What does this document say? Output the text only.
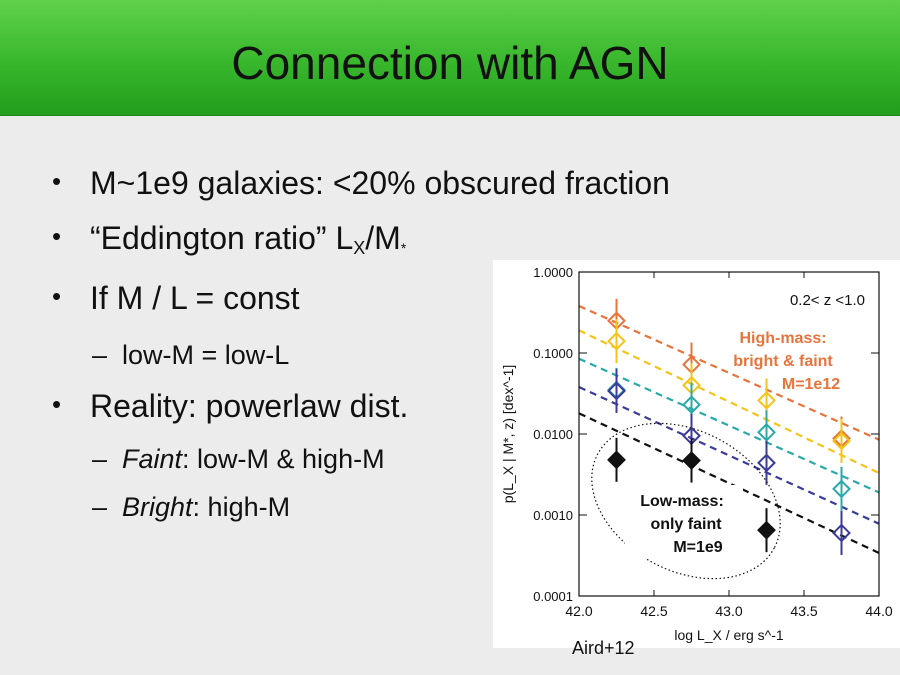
Connection with AGN
• M~1e9 galaxies: <20% obscured fraction
• “Eddington ratio” $L_X/M_*$
• If M / L = const
– low-M = low-L
• Reality: powerlaw dist.
– Faint: low-M & high-M
– Bright: high-M
42.0	42.5	43.0	43.5	44.0
1.0000
0.1000
0.0100
0.0010
0.0001
0.2< z <1.0
High-mass:
bright & faint
M=1e12
Low-mass:
only faint
M=1e9
log L_X / erg s^-1
p(L_X | M*, z) [dex^-1]
Aird+12
